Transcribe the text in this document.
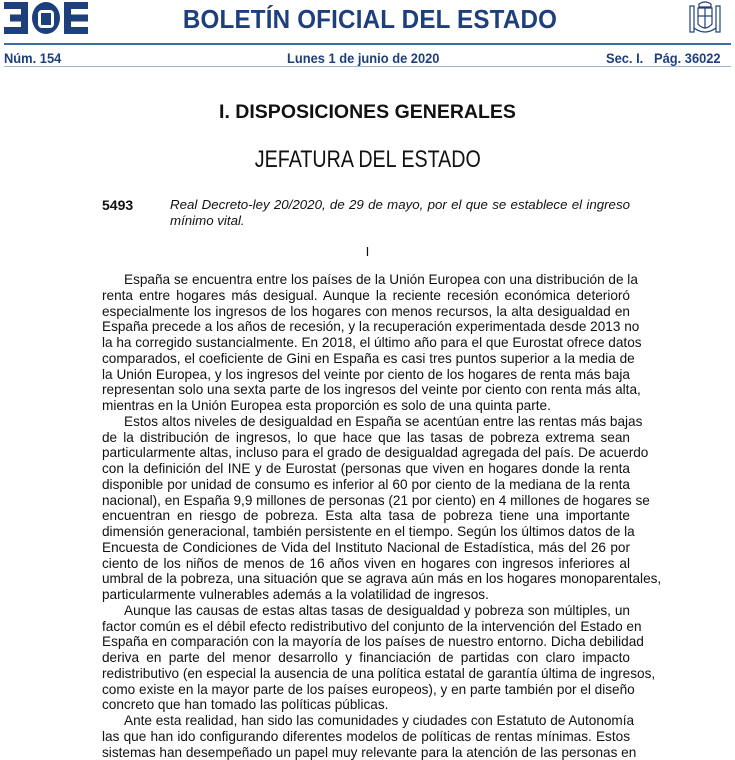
BOLETÍN OFICIAL DEL ESTADO
Núm. 154	Lunes 1 de junio de 2020	Sec. I. Pág. 36022
I. DISPOSICIONES GENERALES
JEFATURA DEL ESTADO
5493	Real Decreto-ley 20/2020, de 29 de mayo, por el que se establece el ingreso
mínimo vital.
I
España se encuentra entre los países de la Unión Europea con una distribución de la
renta entre hogares más desigual. Aunque la reciente recesión económica deterioró
especialmente los ingresos de los hogares con menos recursos, la alta desigualdad en
España precede a los años de recesión, y la recuperación experimentada desde 2013 no
la ha corregido sustancialmente. En 2018, el último año para el que Eurostat ofrece datos
comparados, el coeficiente de Gini en España es casi tres puntos superior a la media de
la Unión Europea, y los ingresos del veinte por ciento de los hogares de renta más baja
representan solo una sexta parte de los ingresos del veinte por ciento con renta más alta,
mientras en la Unión Europea esta proporción es solo de una quinta parte.
Estos altos niveles de desigualdad en España se acentúan entre las rentas más bajas
de la distribución de ingresos, lo que hace que las tasas de pobreza extrema sean
particularmente altas, incluso para el grado de desigualdad agregada del país. De acuerdo
con la definición del INE y de Eurostat (personas que viven en hogares donde la renta
disponible por unidad de consumo es inferior al 60 por ciento de la mediana de la renta
nacional), en España 9,9 millones de personas (21 por ciento) en 4 millones de hogares se
encuentran en riesgo de pobreza. Esta alta tasa de pobreza tiene una importante
dimensión generacional, también persistente en el tiempo. Según los últimos datos de la
Encuesta de Condiciones de Vida del Instituto Nacional de Estadística, más del 26 por
ciento de los niños de menos de 16 años viven en hogares con ingresos inferiores al
umbral de la pobreza, una situación que se agrava aún más en los hogares monoparentales,
particularmente vulnerables además a la volatilidad de ingresos.
Aunque las causas de estas altas tasas de desigualdad y pobreza son múltiples, un
factor común es el débil efecto redistributivo del conjunto de la intervención del Estado en
España en comparación con la mayoría de los países de nuestro entorno. Dicha debilidad
deriva en parte del menor desarrollo y financiación de partidas con claro impacto
redistributivo (en especial la ausencia de una política estatal de garantía última de ingresos,
como existe en la mayor parte de los países europeos), y en parte también por el diseño
concreto que han tomado las políticas públicas.
Ante esta realidad, han sido las comunidades y ciudades con Estatuto de Autonomía
las que han ido configurando diferentes modelos de políticas de rentas mínimas. Estos
sistemas han desempeñado un papel muy relevante para la atención de las personas en
